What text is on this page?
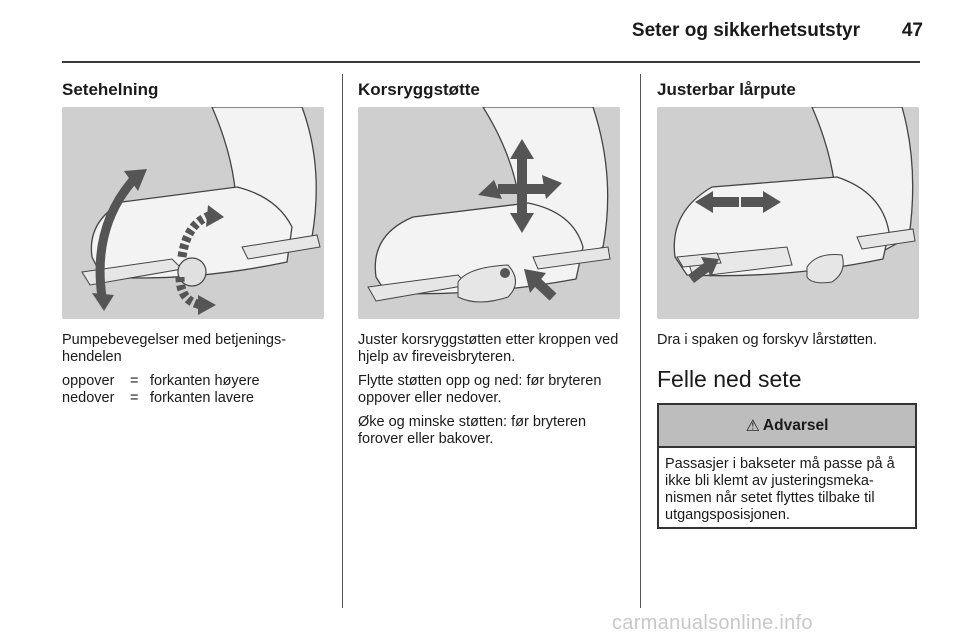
Seter og sikkerhetsutstyr	47
Setehelning

Pumpebevegelser med betjenings-hendelen

oppover	=	forkanten høyere
nedover	=	forkanten lavere
Korsryggstøtte

Juster korsryggstøtten etter kroppen ved hjelp av fireveisbryteren.

Flytte støtten opp og ned: før bryteren oppover eller nedover.

Øke og minske støtten: før bryteren forover eller bakover.

Justerbar lårpute

Dra i spaken og forskyv lårstøtten.

Felle ned sete
⚠ Advarsel
Passasjer i bakseter må passe på å ikke bli klemt av justeringsmeka-nismen når setet flyttes tilbake til utgangsposisjonen.
carmanualsonline.info
